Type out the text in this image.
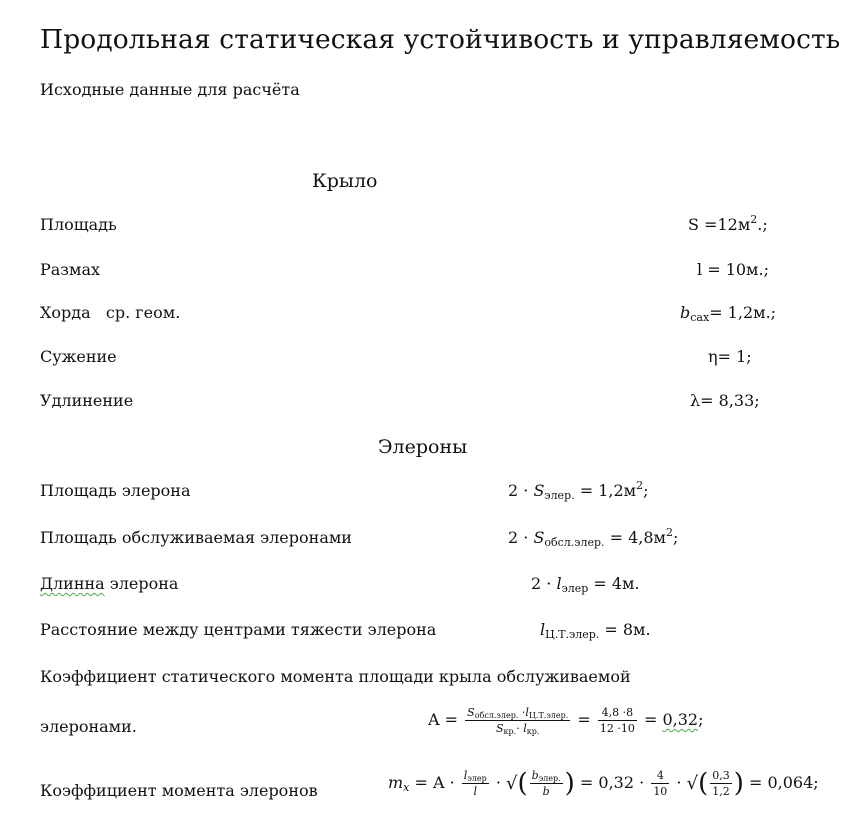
Продольная статическая устойчивость и управляемость
Исходные данные для расчёта
Крыло
Площадь	$S =12м^2$.;
Размах	l = 10м.;
Хорда   ср. геом.	$b_{сах}= 1,2м$.;
Сужение	η= 1;
Удлинение	λ= 8,33;
Элероны
Площадь элерона	$2 \cdot S_{элер.} = 1,2м^2$;
Площадь обслуживаемая элеронами	$2 \cdot S_{обсл.элер.} = 4,8м^2$;
Длинна элерона	$2 \cdot l_{элер} = 4м$.
Расстояние между центрами тяжести элерона	$l_{Ц.Т.элер.} = 8м$.
Коэффициент статического момента площади крыла обслуживаемой
элеронами.	$A = \frac{S_{обсл.элер.} \cdot l_{Ц.Т.элер.}}{S_{кр.}\cdot l_{кр.}} = \frac{4,8 \cdot 8}{12 \cdot 10} = 0,32$;
Коэффициент момента элеронов	$m_x = A \cdot \frac{l_{элер}}{l}$ · √( $\frac{b_{элер.}}{b}$ ) = $0,32 \cdot \frac{4}{10}$ · √( $\frac{0,3}{1,2}$ ) = 0,064;
